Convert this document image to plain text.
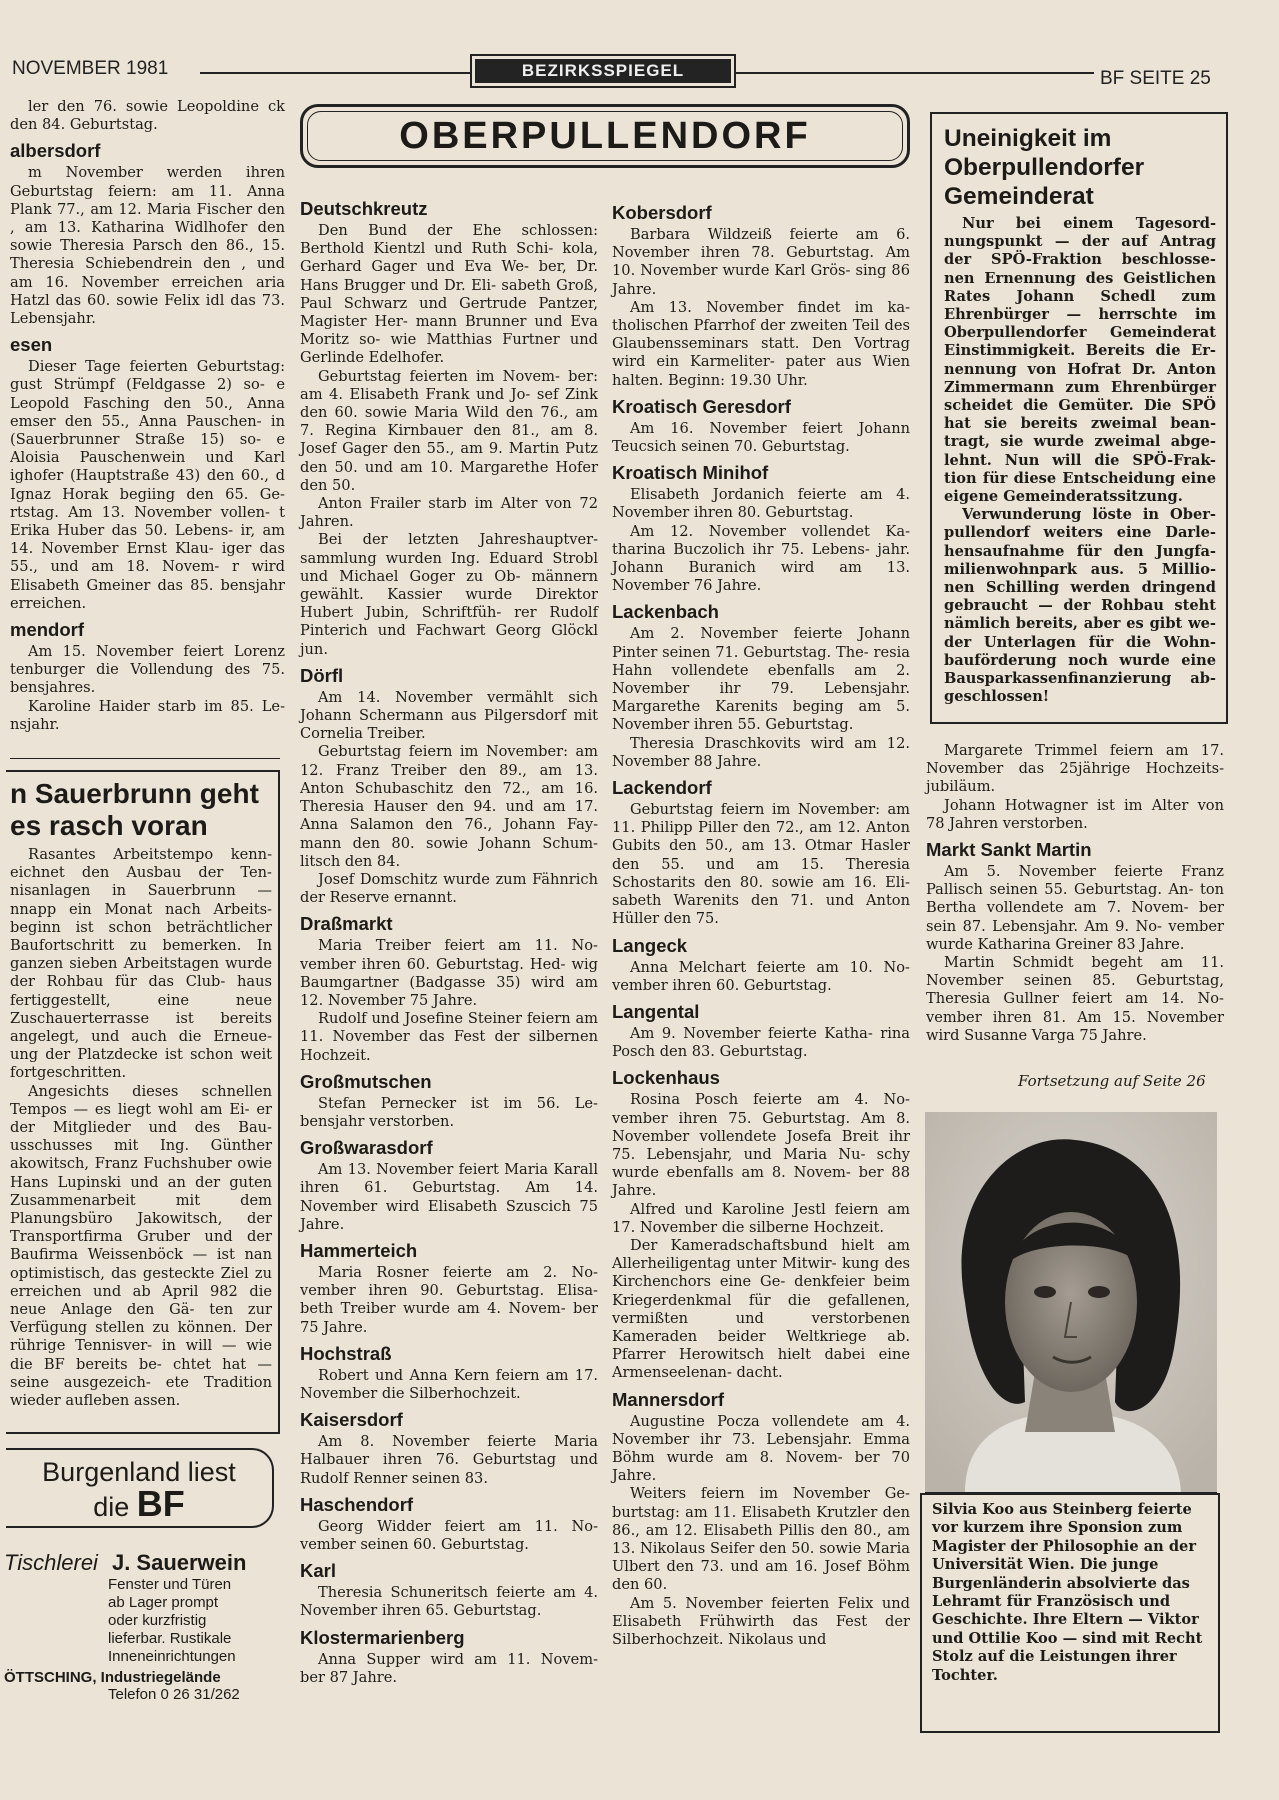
NOVEMBER 1981	BEZIRKSSPIEGEL	BF SEITE 25
OBERPULLENDORF

ler den 76. sowie Leopoldine ck den 84. Geburtstag.

albersdorf

m November werden ihren Geburtstag feiern: am 11. Anna Plank 77., am 12. Maria Fischer den , am 13. Katharina Widlhofer den sowie Theresia Parsch den 86., 15. Theresia Schiebendrein den , und am 16. November erreichen aria Hatzl das 60. sowie Felix idl das 73. Lebensjahr.

esen

Dieser Tage feierten Geburtstag: gust Strümpf (Feldgasse 2) so- e Leopold Fasching den 50., Anna emser den 55., Anna Pauschen- in (Sauerbrunner Straße 15) so- e Aloisia Pauschenwein und Karl ighofer (Hauptstraße 43) den 60., d Ignaz Horak begiing den 65. Ge- rtstag. Am 13. November vollen- t Erika Huber das 50. Lebens- ir, am 14. November Ernst Klau- iger das 55., und am 18. Novem- r wird Elisabeth Gmeiner das 85. bensjahr erreichen.

mendorf

Am 15. November feiert Lorenz tenburger die Vollendung des 75. bensjahres.

Karoline Haider starb im 85. Le- nsjahr.

n Sauerbrunn geht
es rasch voran

Rasantes Arbeitstempo kenn- eichnet den Ausbau der Ten- nisanlagen in Sauerbrunn — nnapp ein Monat nach Arbeits- beginn ist schon beträchtlicher Baufortschritt zu bemerken. In ganzen sieben Arbeitstagen wurde der Rohbau für das Club- haus fertiggestellt, eine neue Zuschauerterrasse ist bereits angelegt, und auch die Erneue- ung der Platzdecke ist schon weit fortgeschritten.

Angesichts dieses schnellen Tempos — es liegt wohl am Ei- er der Mitglieder und des Bau- usschusses mit Ing. Günther akowitsch, Franz Fuchshuber owie Hans Lupinski und an der guten Zusammenarbeit mit dem Planungsbüro Jakowitsch, der Transportfirma Gruber und der Baufirma Weissenböck — ist nan optimistisch, das gesteckte Ziel zu erreichen und ab April 982 die neue Anlage den Gä- ten zur Verfügung stellen zu können. Der rührige Tennisver- in will — wie die BF bereits be- chtet hat — seine ausgezeich- ete Tradition wieder aufleben assen.

Burgenland liest
die BF
Tischlerei J. Sauerwein
Fenster und Türen
ab Lager prompt
oder kurzfristig
lieferbar. Rustikale
Inneneinrichtungen
ÖTTSCHING, Industriegelände
Telefon 0 26 31/262
Deutschkreutz

Den Bund der Ehe schlossen: Berthold Kientzl und Ruth Schi- kola, Gerhard Gager und Eva We- ber, Dr. Hans Brugger und Dr. Eli- sabeth Groß, Paul Schwarz und Gertrude Pantzer, Magister Her- mann Brunner und Eva Moritz so- wie Matthias Furtner und Gerlinde Edelhofer.

Geburtstag feierten im Novem- ber: am 4. Elisabeth Frank und Jo- sef Zink den 60. sowie Maria Wild den 76., am 7. Regina Kirnbauer den 81., am 8. Josef Gager den 55., am 9. Martin Putz den 50. und am 10. Margarethe Hofer den 50.

Anton Frailer starb im Alter von 72 Jahren.

Bei der letzten Jahreshauptver- sammlung wurden Ing. Eduard Strobl und Michael Goger zu Ob- männern gewählt. Kassier wurde Direktor Hubert Jubin, Schriftfüh- rer Rudolf Pinterich und Fachwart Georg Glöckl jun.

Dörfl

Am 14. November vermählt sich Johann Schermann aus Pilgersdorf mit Cornelia Treiber.

Geburtstag feiern im November: am 12. Franz Treiber den 89., am 13. Anton Schubaschitz den 72., am 16. Theresia Hauser den 94. und am 17. Anna Salamon den 76., Johann Fay- mann den 80. sowie Johann Schum- litsch den 84.

Josef Domschitz wurde zum Fähnrich der Reserve ernannt.

Draßmarkt

Maria Treiber feiert am 11. No- vember ihren 60. Geburtstag. Hed- wig Baumgartner (Badgasse 35) wird am 12. November 75 Jahre.

Rudolf und Josefine Steiner feiern am 11. November das Fest der silbernen Hochzeit.

Großmutschen

Stefan Pernecker ist im 56. Le- bensjahr verstorben.

Großwarasdorf

Am 13. November feiert Maria Karall ihren 61. Geburtstag. Am 14. November wird Elisabeth Szuscich 75 Jahre.

Hammerteich

Maria Rosner feierte am 2. No- vember ihren 90. Geburtstag. Elisa- beth Treiber wurde am 4. Novem- ber 75 Jahre.

Hochstraß

Robert und Anna Kern feiern am 17. November die Silberhochzeit.

Kaisersdorf

Am 8. November feierte Maria Halbauer ihren 76. Geburtstag und Rudolf Renner seinen 83.

Haschendorf

Georg Widder feiert am 11. No- vember seinen 60. Geburtstag.

Karl

Theresia Schuneritsch feierte am 4. November ihren 65. Geburtstag.

Klostermarienberg

Anna Supper wird am 11. Novem- ber 87 Jahre.

Kobersdorf

Barbara Wildzeiß feierte am 6. November ihren 78. Geburtstag. Am 10. November wurde Karl Grös- sing 86 Jahre.

Am 13. November findet im ka- tholischen Pfarrhof der zweiten Teil des Glaubensseminars statt. Den Vortrag wird ein Karmeliter- pater aus Wien halten. Beginn: 19.30 Uhr.

Kroatisch Geresdorf

Am 16. November feiert Johann Teucsich seinen 70. Geburtstag.

Kroatisch Minihof

Elisabeth Jordanich feierte am 4. November ihren 80. Geburtstag.

Am 12. November vollendet Ka- tharina Buczolich ihr 75. Lebens- jahr. Johann Buranich wird am 13. November 76 Jahre.

Lackenbach

Am 2. November feierte Johann Pinter seinen 71. Geburtstag. The- resia Hahn vollendete ebenfalls am 2. November ihr 79. Lebensjahr. Margarethe Karenits beging am 5. November ihren 55. Geburtstag.

Theresia Draschkovits wird am 12. November 88 Jahre.

Lackendorf

Geburtstag feiern im November: am 11. Philipp Piller den 72., am 12. Anton Gubits den 50., am 13. Otmar Hasler den 55. und am 15. Theresia Schostarits den 80. sowie am 16. Eli- sabeth Warenits den 71. und Anton Hüller den 75.

Langeck

Anna Melchart feierte am 10. No- vember ihren 60. Geburtstag.

Langental

Am 9. November feierte Katha- rina Posch den 83. Geburtstag.

Lockenhaus

Rosina Posch feierte am 4. No- vember ihren 75. Geburtstag. Am 8. November vollendete Josefa Breit ihr 75. Lebensjahr, und Maria Nu- schy wurde ebenfalls am 8. Novem- ber 88 Jahre.

Alfred und Karoline Jestl feiern am 17. November die silberne Hochzeit.

Der Kameradschaftsbund hielt am Allerheiligentag unter Mitwir- kung des Kirchenchors eine Ge- denkfeier beim Kriegerdenkmal für die gefallenen, vermißten und verstorbenen Kameraden beider Weltkriege ab. Pfarrer Herowitsch hielt dabei eine Armenseelenan- dacht.

Mannersdorf

Augustine Pocza vollendete am 4. November ihr 73. Lebensjahr. Emma Böhm wurde am 8. Novem- ber 70 Jahre.

Weiters feiern im November Ge- burtstag: am 11. Elisabeth Krutzler den 86., am 12. Elisabeth Pillis den 80., am 13. Nikolaus Seifer den 50. sowie Maria Ulbert den 73. und am 16. Josef Böhm den 60.

Am 5. November feierten Felix und Elisabeth Frühwirth das Fest der Silberhochzeit. Nikolaus und

Uneinigkeit im Oberpullendorfer Gemeinderat

Nur bei einem Tagesord- nungspunkt — der auf Antrag der SPÖ-Fraktion beschlosse- nen Ernennung des Geistlichen Rates Johann Schedl zum Ehrenbürger — herrschte im Oberpullendorfer Gemeinderat Einstimmigkeit. Bereits die Er- nennung von Hofrat Dr. Anton Zimmermann zum Ehrenbürger scheidet die Gemüter. Die SPÖ hat sie bereits zweimal bean- tragt, sie wurde zweimal abge- lehnt. Nun will die SPÖ-Frak- tion für diese Entscheidung eine eigene Gemeinderatssitzung.

Verwunderung löste in Ober- pullendorf weiters eine Darle- hensaufnahme für den Jungfa- milienwohnpark aus. 5 Millio- nen Schilling werden dringend gebraucht — der Rohbau steht nämlich bereits, aber es gibt we- der Unterlagen für die Wohn- bauförderung noch wurde eine Bausparkassenfinanzierung ab- geschlossen!

Margarete Trimmel feiern am 17. November das 25jährige Hochzeits- jubiläum.

Johann Hotwagner ist im Alter von 78 Jahren verstorben.

Markt Sankt Martin

Am 5. November feierte Franz Pallisch seinen 55. Geburtstag. An- ton Bertha vollendete am 7. Novem- ber sein 87. Lebensjahr. Am 9. No- vember wurde Katharina Greiner 83 Jahre.

Martin Schmidt begeht am 11. November seinen 85. Geburtstag, Theresia Gullner feiert am 14. No- vember ihren 81. Am 15. November wird Susanne Varga 75 Jahre.

Fortsetzung auf Seite 26
Silvia Koo aus Steinberg feierte vor kurzem ihre Sponsion zum Magister der Philosophie an der Universität Wien. Die junge Burgenländerin absolvierte das Lehramt für Französisch und Geschichte. Ihre Eltern — Viktor und Ottilie Koo — sind mit Recht Stolz auf die Leistungen ihrer Tochter.
